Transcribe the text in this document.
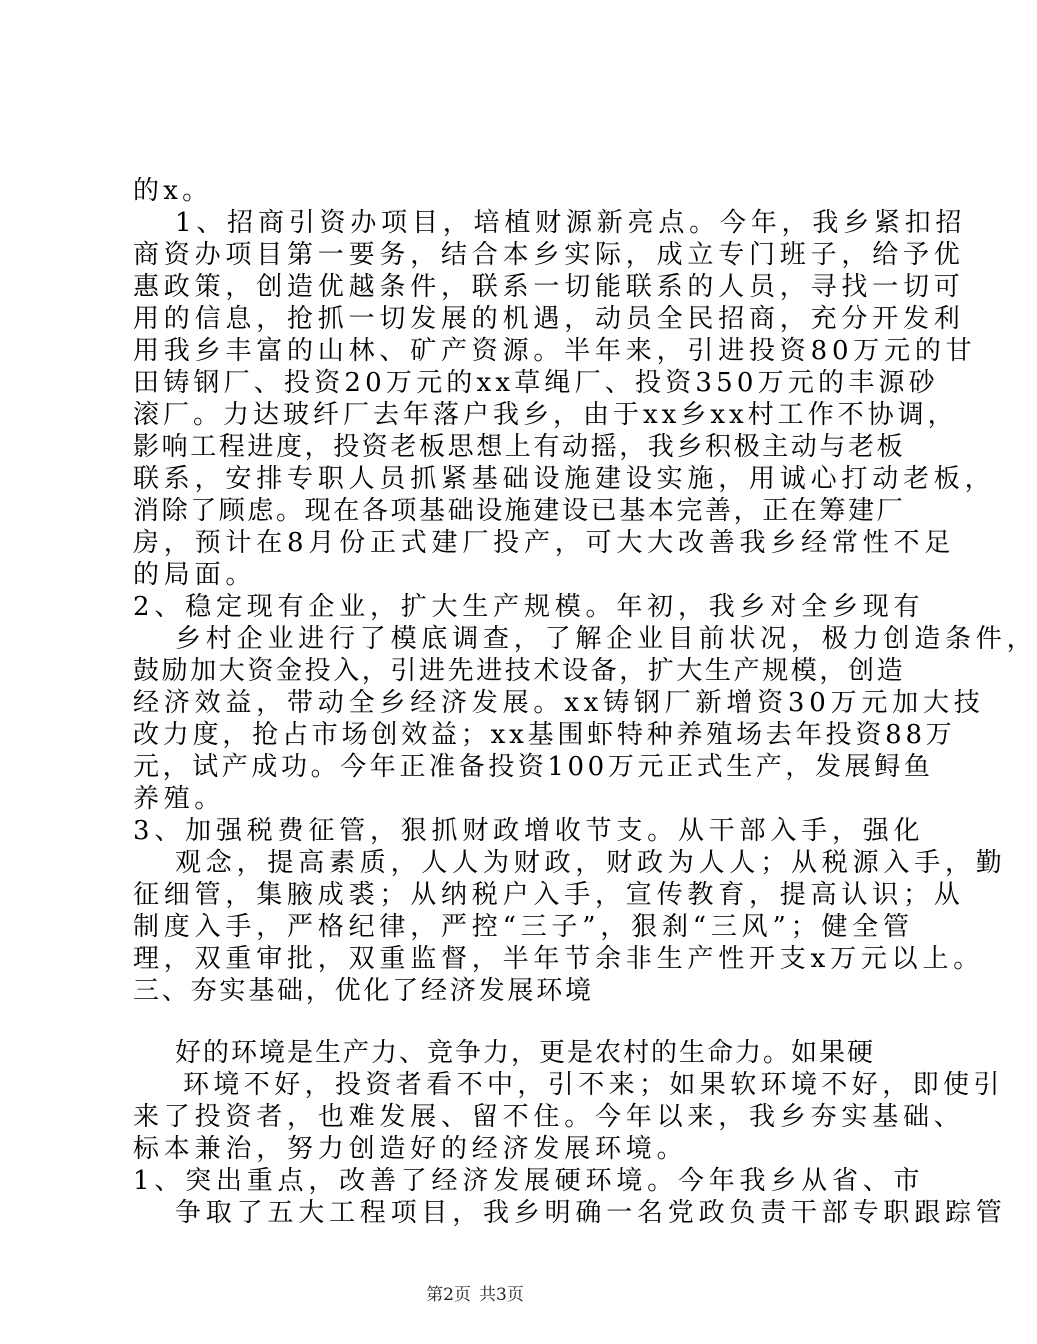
的x。
1、招商引资办项目，培植财源新亮点。今年，我乡紧扣招
商资办项目第一要务，结合本乡实际，成立专门班子，给予优
惠政策，创造优越条件，联系一切能联系的人员，寻找一切可
用的信息，抢抓一切发展的机遇，动员全民招商，充分开发利
用我乡丰富的山林、矿产资源。半年来，引进投资80万元的甘
田铸钢厂、投资20万元的xx草绳厂、投资350万元的丰源砂
滚厂。力达玻纤厂去年落户我乡，由于xx乡xx村工作不协调，
影响工程进度，投资老板思想上有动摇，我乡积极主动与老板
联系，安排专职人员抓紧基础设施建设实施，用诚心打动老板，
消除了顾虑。现在各项基础设施建设已基本完善，正在筹建厂
房，预计在8月份正式建厂投产，可大大改善我乡经常性不足
的局面。
2、稳定现有企业，扩大生产规模。年初，我乡对全乡现有
乡村企业进行了模底调查，了解企业目前状况，极力创造条件，
鼓励加大资金投入，引进先进技术设备，扩大生产规模，创造
经济效益，带动全乡经济发展。xx铸钢厂新增资30万元加大技
改力度，抢占市场创效益；xx基围虾特种养殖场去年投资88万
元，试产成功。今年正准备投资100万元正式生产，发展鲟鱼
养殖。
3、加强税费征管，狠抓财政增收节支。从干部入手，强化
观念，提高素质，人人为财政，财政为人人；从税源入手，勤
征细管，集腋成裘；从纳税户入手，宣传教育，提高认识；从
制度入手，严格纪律，严控“三子”，狠刹“三风”；健全管
理，双重审批，双重监督，半年节余非生产性开支x万元以上。
三、夯实基础，优化了经济发展环境
好的环境是生产力、竞争力，更是农村的生命力。如果硬
环境不好，投资者看不中，引不来；如果软环境不好，即使引
来了投资者，也难发展、留不住。今年以来，我乡夯实基础、
标本兼治，努力创造好的经济发展环境。
1、突出重点，改善了经济发展硬环境。今年我乡从省、市
争取了五大工程项目，我乡明确一名党政负责干部专职跟踪管
第2页 共3页
